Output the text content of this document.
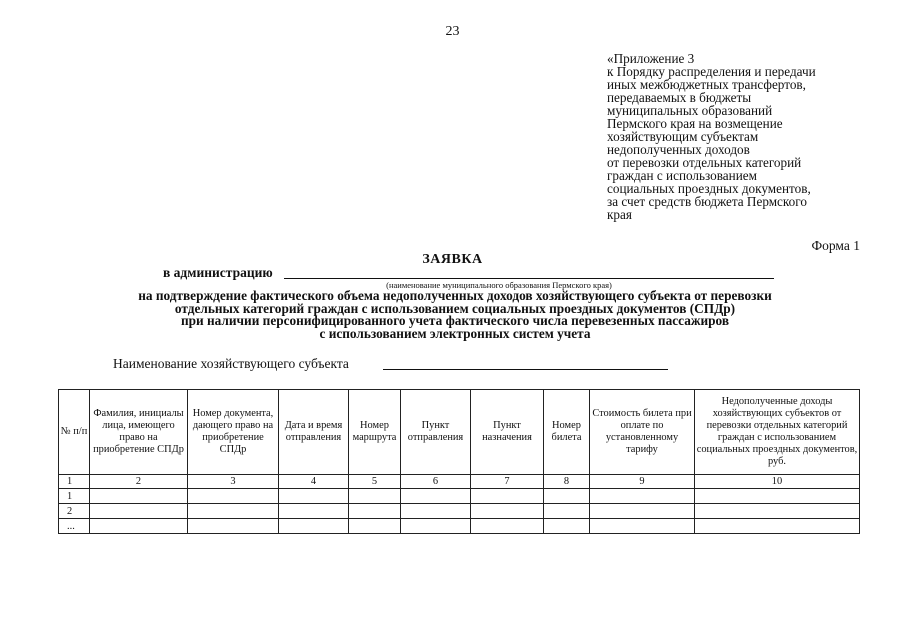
23
«Приложение 3
к Порядку распределения и передачи
иных межбюджетных трансфертов,
передаваемых в бюджеты
муниципальных образований
Пермского края на возмещение
хозяйствующим субъектам
недополученных доходов
от перевозки отдельных категорий
граждан с использованием
социальных проездных документов,
за счет средств бюджета Пермского
края
Форма 1
ЗАЯВКА
в администрацию
(наименование муниципального образования Пермского края)
на подтверждение фактического объема недополученных доходов хозяйствующего субъекта от перевозки
отдельных категорий граждан с использованием социальных проездных документов (СПДр)
при наличии персонифицированного учета фактического числа перевезенных пассажиров
с использованием электронных систем учета
Наименование хозяйствующего субъекта
№ п/п	Фамилия, инициалы лица, имеющего право на приобретение СПДр	Номер документа, дающего право на приобретение СПДр	Дата и время отправления	Номер маршрута	Пункт отправления	Пункт назначения	Номер билета	Стоимость билета при оплате по установленному тарифу	Недополученные доходы хозяйствующих субъектов от перевозки отдельных категорий граждан с использованием социальных проездных документов, руб.
1	2	3	4	5	6	7	8	9	10
1									
2									
...									
